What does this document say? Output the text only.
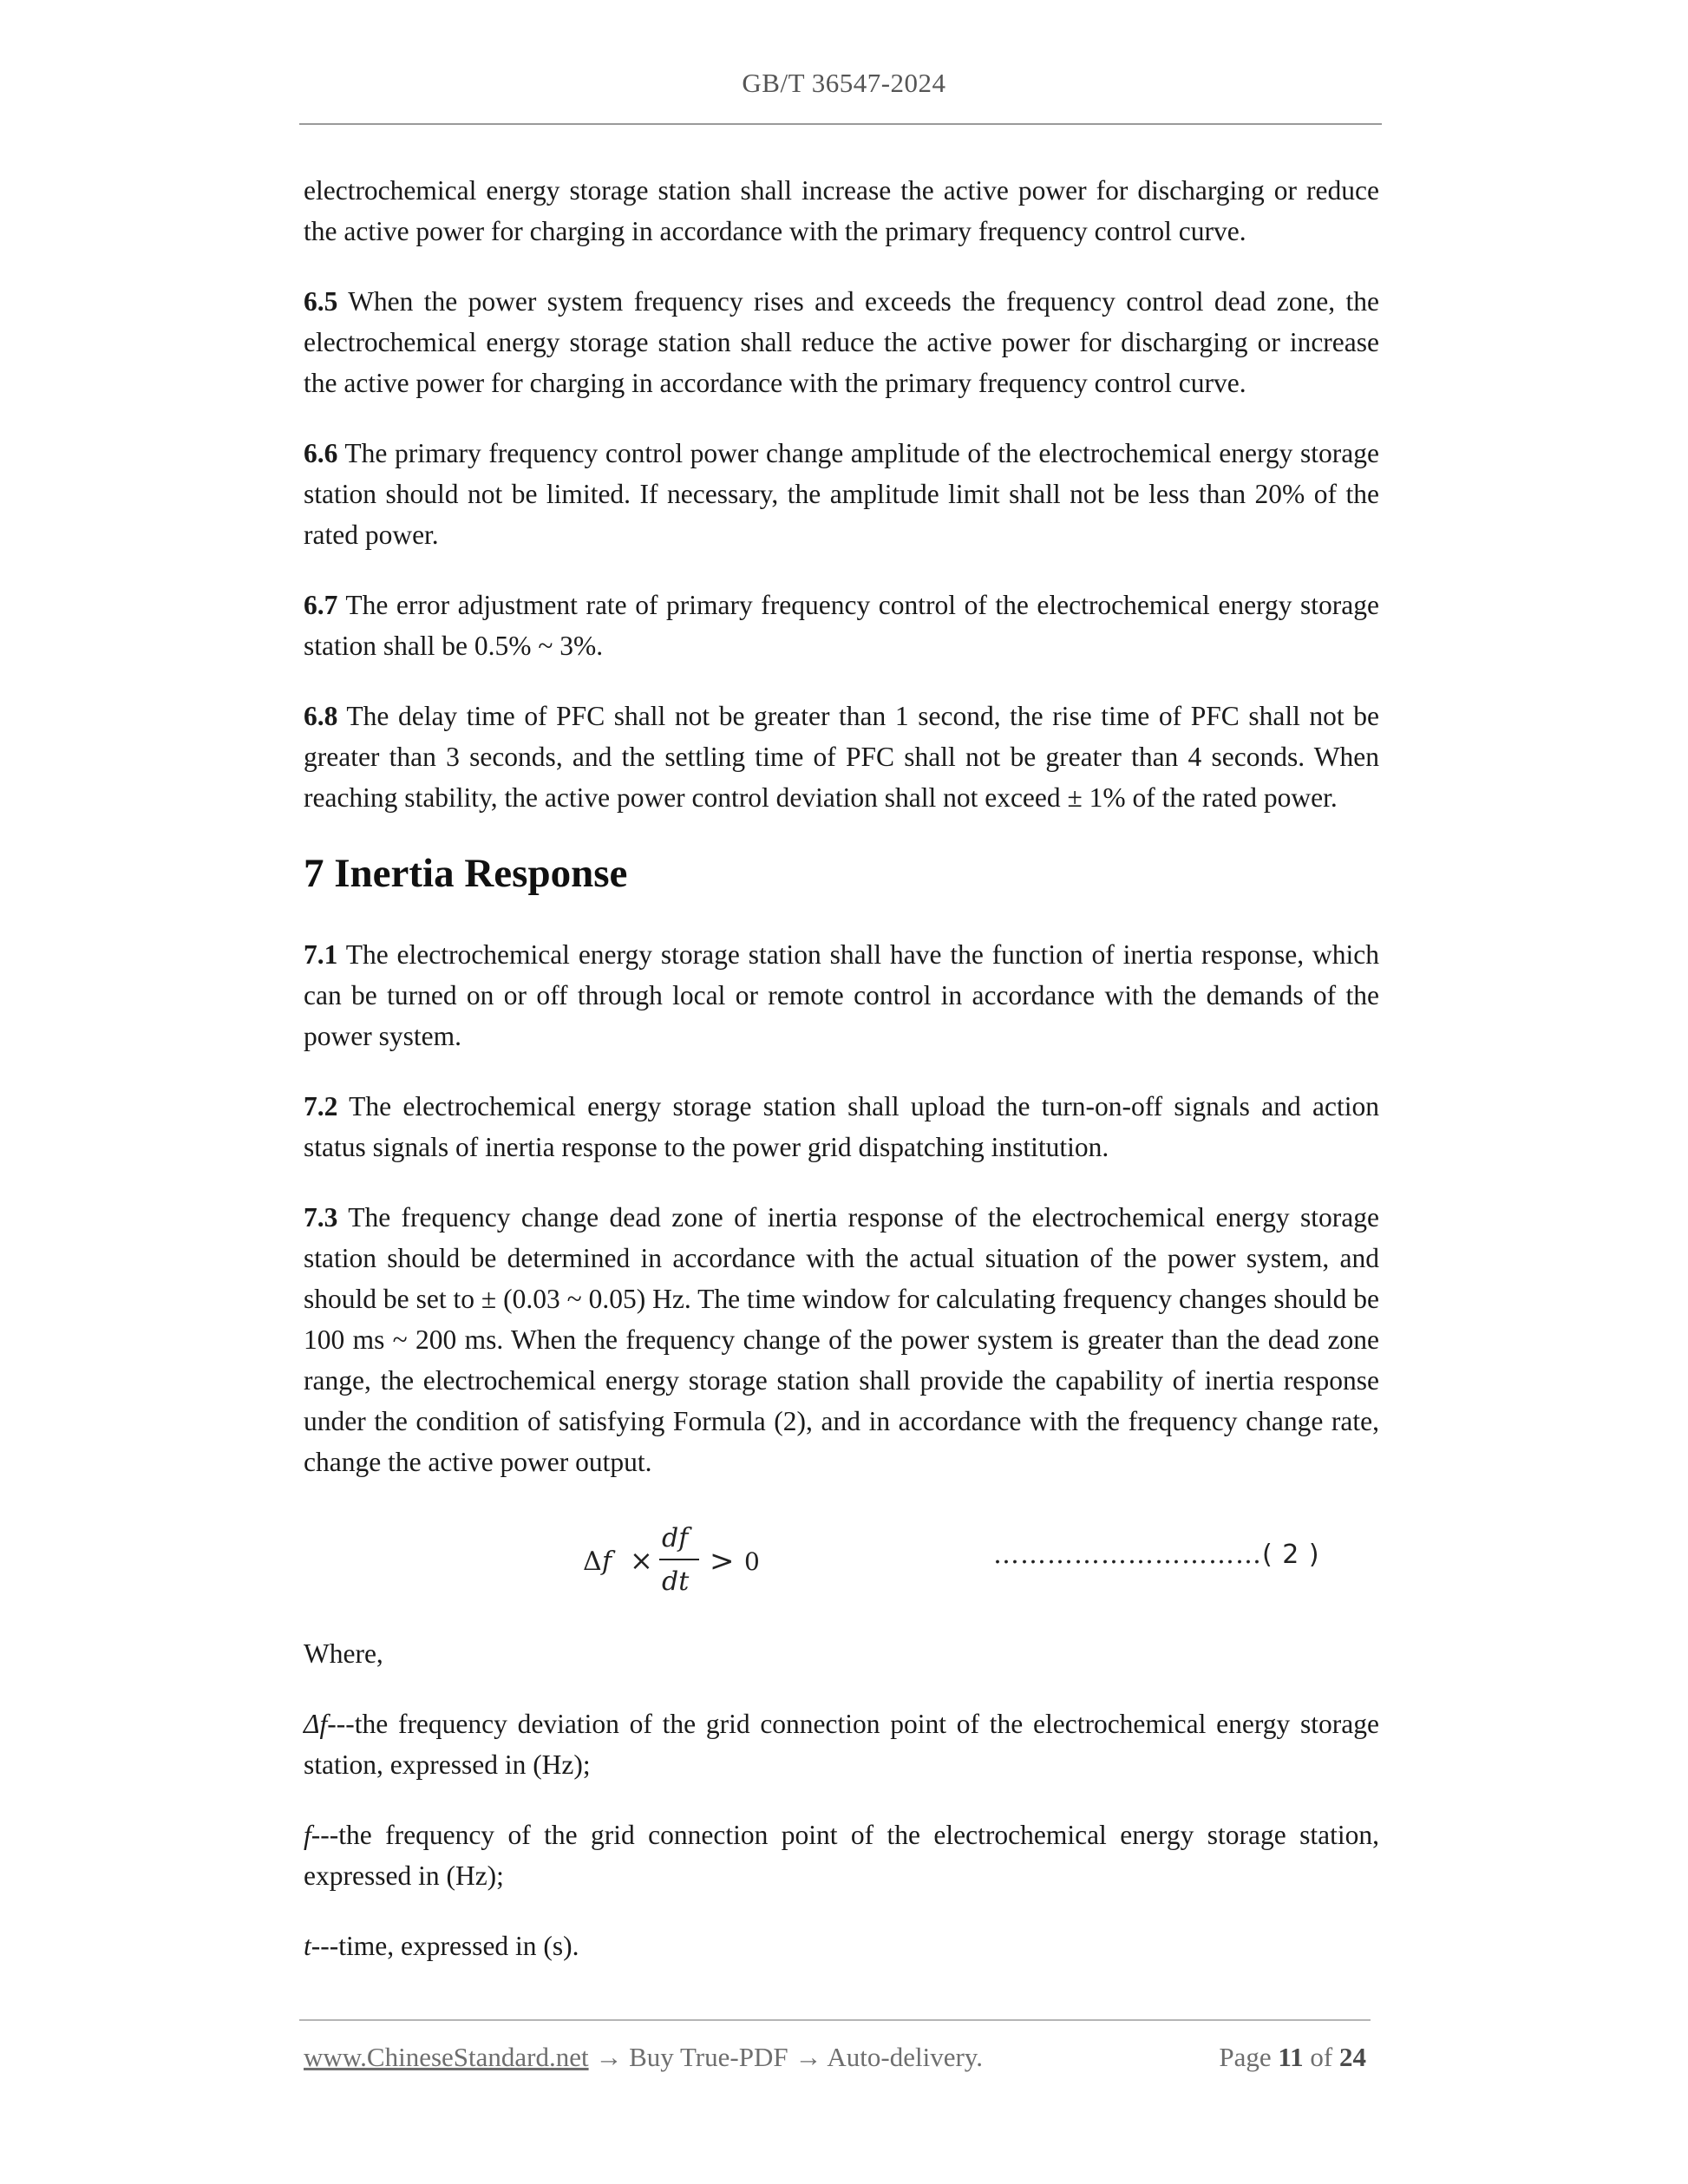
GB/T 36547-2024

electrochemical energy storage station shall increase the active power for discharging or reduce the active power for charging in accordance with the primary frequency control curve.

6.5 When the power system frequency rises and exceeds the frequency control dead zone, the electrochemical energy storage station shall reduce the active power for discharging or increase the active power for charging in accordance with the primary frequency control curve.

6.6 The primary frequency control power change amplitude of the electrochemical energy storage station should not be limited. If necessary, the amplitude limit shall not be less than 20% of the rated power.

6.7 The error adjustment rate of primary frequency control of the electrochemical energy storage station shall be 0.5% ~ 3%.

6.8 The delay time of PFC shall not be greater than 1 second, the rise time of PFC shall not be greater than 3 seconds, and the settling time of PFC shall not be greater than 4 seconds. When reaching stability, the active power control deviation shall not exceed ± 1% of the rated power.

7 Inertia Response

7.1 The electrochemical energy storage station shall have the function of inertia response, which can be turned on or off through local or remote control in accordance with the demands of the power system.

7.2 The electrochemical energy storage station shall upload the turn-on-off signals and action status signals of inertia response to the power grid dispatching institution.

7.3 The frequency change dead zone of inertia response of the electrochemical energy storage station should be determined in accordance with the actual situation of the power system, and should be set to ± (0.03 ~ 0.05) Hz. The time window for calculating frequency changes should be 100 ms ~ 200 ms. When the frequency change of the power system is greater than the dead zone range, the electrochemical energy storage station shall provide the capability of inertia response under the condition of satisfying Formula (2), and in accordance with the frequency change rate, change the active power output.

Δ f ×
df
dt
> 0	…………………………( 2 )

Where,

Δf---the frequency deviation of the grid connection point of the electrochemical energy storage station, expressed in (Hz);

f---the frequency of the grid connection point of the electrochemical energy storage station, expressed in (Hz);

t---time, expressed in (s).

www.ChineseStandard.net → Buy True-PDF → Auto-delivery.	Page 11 of 24
